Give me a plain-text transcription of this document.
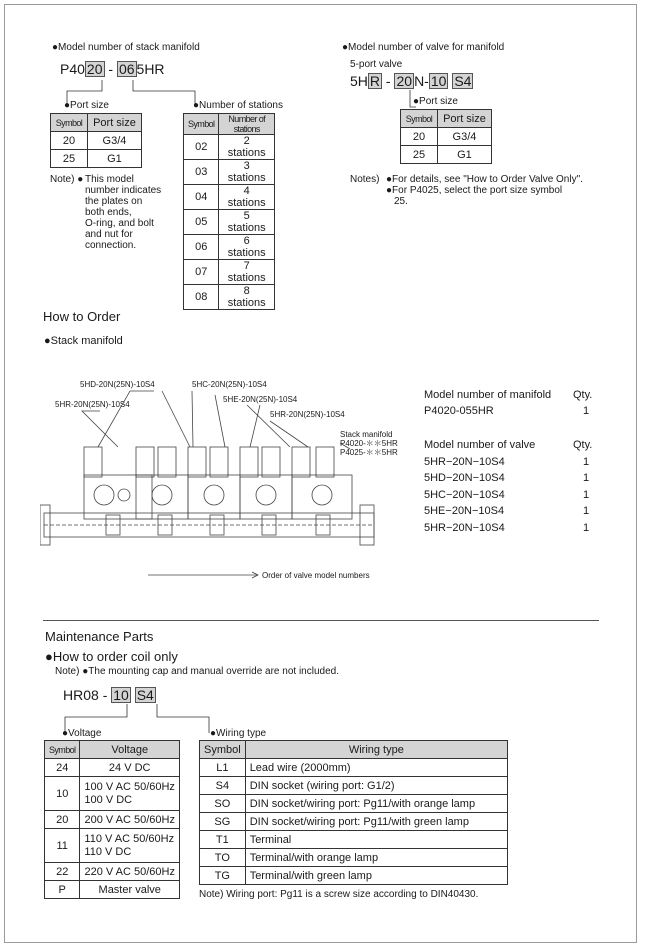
●Model number of stack manifold
P40 20 - 06 5HR
●Port size	●Number of stations
Symbol	Port size
20	G3/4
25	G1
Symbol	Number of stations
02	2 stations
03	3 stations
04	4 stations
05	5 stations
06	6 stations
07	7 stations
08	8 stations
Note) ● This model
number indicates
the plates on
both ends,
O-ring, and bolt
and nut for
connection.
●Model number of valve for manifold
5-port valve
5H R - 20 N- 10 S4
●Port size
Symbol	Port size
20	G3/4
25	G1
Notes) ●For details, see "How to Order Valve Only".
●For P4025, select the port size symbol
25.
How to Order
●Stack manifold
5HD-20N(25N)-10S4	5HC-20N(25N)-10S4
5HR-20N(25N)-10S4
5HE-20N(25N)-10S4
5HR-20N(25N)-10S4
Stack manifold
P4020-＊＊5HR
P4025-＊＊5HR
Order of valve model numbers
Model number of manifold Qty.
P4020-055HR	1
Model number of valve	Qty.
5HR−20N−10S4	1
5HD−20N−10S4	1
5HC−20N−10S4	1
5HE−20N−10S4	1
5HR−20N−10S4	1
Maintenance Parts
●How to order coil only
Note) ●The mounting cap and manual override are not included.
HR08 - 10 S4
●Voltage	●Wiring type
Symbol	Voltage
24	24 V DC
10	100 V AC 50/60Hz
100 V DC
20	200 V AC 50/60Hz
11	110 V AC 50/60Hz
110 V DC
22	220 V AC 50/60Hz
P	Master valve
Symbol	Wiring type
L1	Lead wire (2000mm)
S4	DIN socket (wiring port: G1/2)
SO	DIN socket/wiring port: Pg11/with orange lamp
SG	DIN socket/wiring port: Pg11/with green lamp
T1	Terminal
TO	Terminal/with orange lamp
TG	Terminal/with green lamp
Note) Wiring port: Pg11 is a screw size according to DIN40430.
